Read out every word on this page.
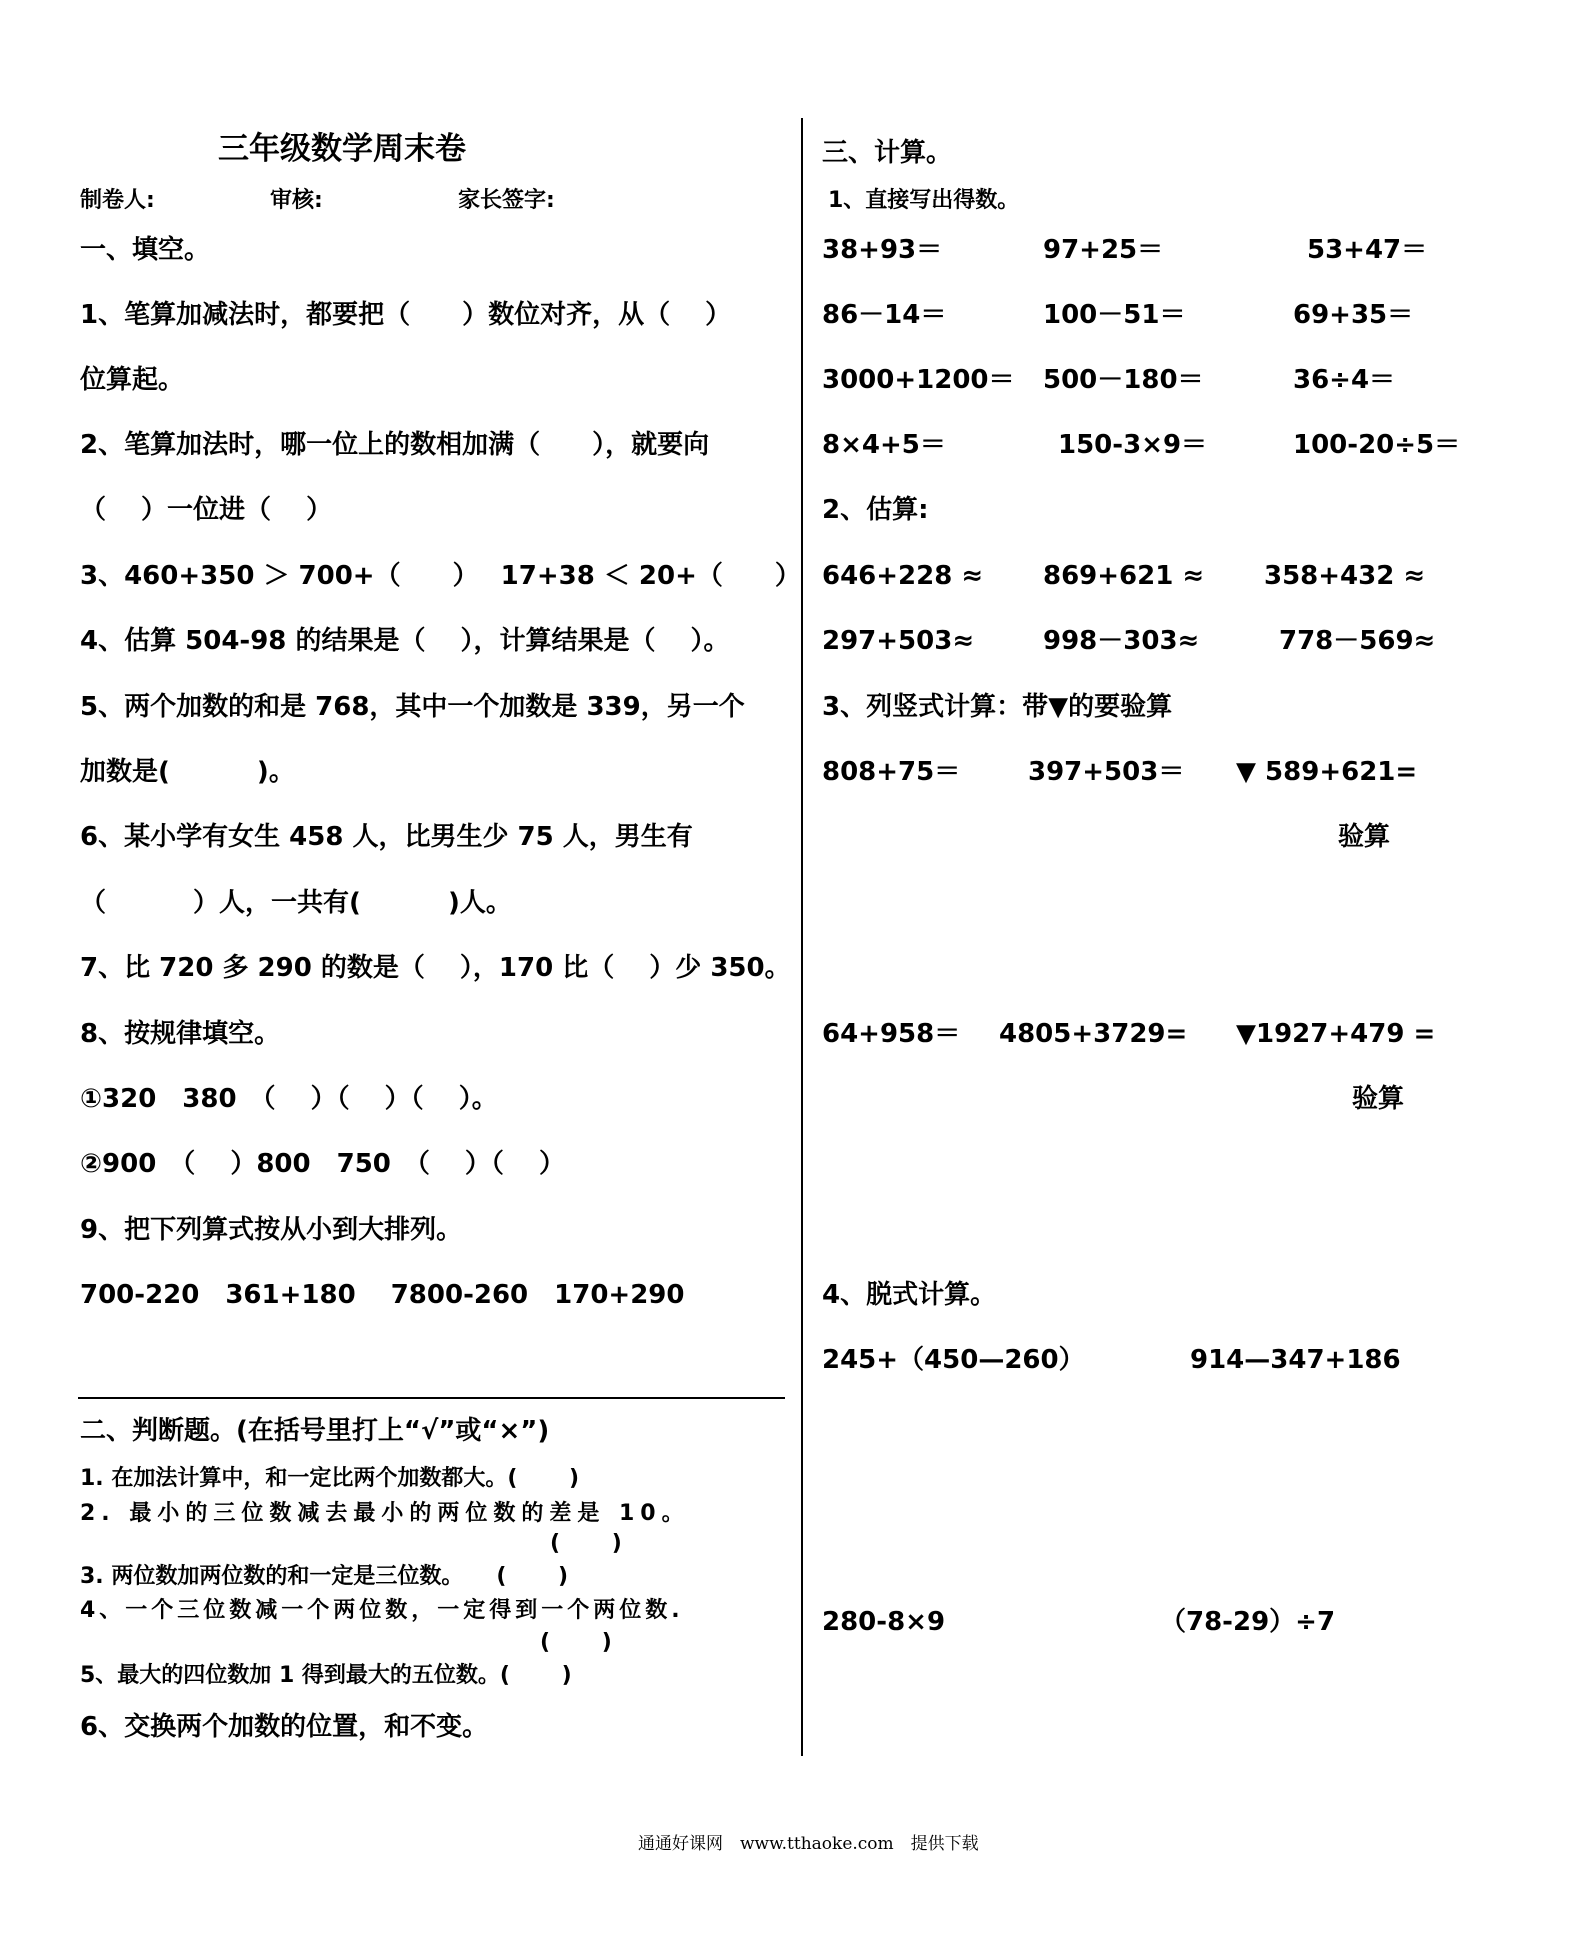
三年级数学周末卷
制卷人:	审核:	家长签字:
一、填空。
1、笔算加减法时，都要把（　　）数位对齐，从（　 ）
位算起。
2、笔算加法时，哪一位上的数相加满（　　），就要向
（　 ）一位进（　 ）
3、460+350 ＞ 700+（　　）　 17+38 ＜ 20+（　　）
4、估算 504-98 的结果是（　 ），计算结果是（　 ）。
5、两个加数的和是 768，其中一个加数是 339，另一个
加数是(　　　 )。
6、某小学有女生 458 人，比男生少 75 人，男生有
（　　　 ）人，一共有(　　　 )人。
7、比 720 多 290 的数是（　 ），170 比（　 ）少 350。
8、按规律填空。
①320　380　（　 ）（　 ）（　 ）。
②900　（　 ）800　750　（　 ）（　 ）
9、把下列算式按从小到大排列。
700-220　361+180　 7800-260　170+290
二、判断题。(在括号里打上“√”或“×”)
1. 在加法计算中，和一定比两个加数都大。(　　 )
2. 最小的三位数减去最小的两位数的差是 10。
(　　 )
3. 两位数加两位数的和一定是三位数。　　(　　 )
4、一个三位数减一个两位数，一定得到一个两位数.
(　　 )
5、最大的四位数加 1 得到最大的五位数。(　　 )
6、交换两个加数的位置，和不变。
三、计算。
1、直接写出得数。
38+93＝	97+25＝	53+47＝
86－14＝	100－51＝	69+35＝
3000+1200＝ 500－180＝	36÷4＝
8×4+5＝	150-3×9＝	100-20÷5＝
2、估算:
646+228 ≈ 869+621 ≈ 358+432 ≈
297+503≈	998－303≈	778－569≈
3、列竖式计算：带▼的要验算
808+75＝	397+503＝ ▼ 589+621=
验算
64+958＝ 4805+3729= ▼1927+479 =
验算
4、脱式计算。
245+（450—260）	914—347+186
280-8×9	（78-29）÷7
通通好课网　www.tthaoke.com　提供下载
